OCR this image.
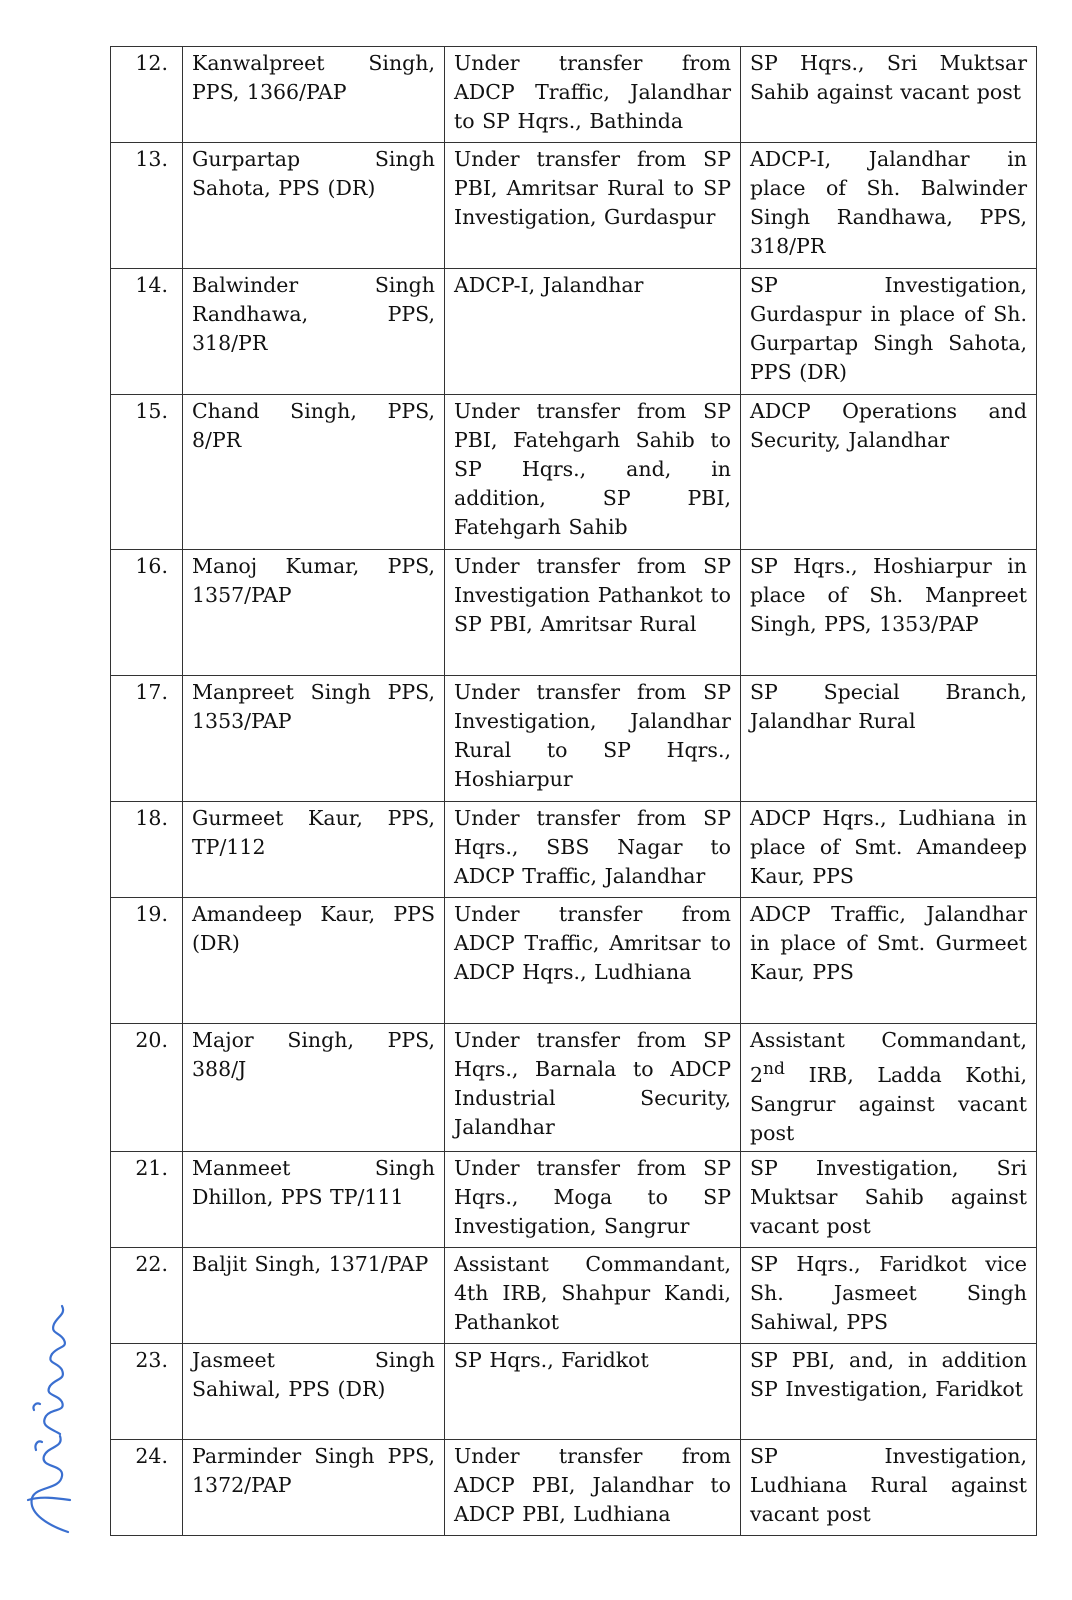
12.	Kanwalpreet Singh, PPS, 1366/PAP	Under transfer from ADCP Traffic, Jalandhar to SP Hqrs., Bathinda	SP Hqrs., Sri Muktsar Sahib against vacant post
13.	Gurpartap Singh Sahota, PPS (DR)	Under transfer from SP PBI, Amritsar Rural to SP Investigation, Gurdaspur	ADCP-I, Jalandhar in place of Sh. Balwinder Singh Randhawa, PPS, 318/PR
14.	Balwinder Singh Randhawa, PPS, 318/PR	ADCP-I, Jalandhar	SP Investigation, Gurdaspur in place of Sh. Gurpartap Singh Sahota, PPS (DR)
15.	Chand Singh, PPS, 8/PR	Under transfer from SP PBI, Fatehgarh Sahib to SP Hqrs., and, in addition, SP PBI, Fatehgarh Sahib	ADCP Operations and Security, Jalandhar
16.	Manoj Kumar, PPS, 1357/PAP	Under transfer from SP Investigation Pathankot to SP PBI, Amritsar Rural	SP Hqrs., Hoshiarpur in place of Sh. Manpreet Singh, PPS, 1353/PAP
17.	Manpreet Singh PPS, 1353/PAP	Under transfer from SP Investigation, Jalandhar Rural to SP Hqrs., Hoshiarpur	SP Special Branch, Jalandhar Rural
18.	Gurmeet Kaur, PPS, TP/112	Under transfer from SP Hqrs., SBS Nagar to ADCP Traffic, Jalandhar	ADCP Hqrs., Ludhiana in place of Smt. Amandeep Kaur, PPS
19.	Amandeep Kaur, PPS (DR)	Under transfer from ADCP Traffic, Amritsar to ADCP Hqrs., Ludhiana	ADCP Traffic, Jalandhar in place of Smt. Gurmeet Kaur, PPS
20.	Major Singh, PPS, 388/J	Under transfer from SP Hqrs., Barnala to ADCP Industrial Security, Jalandhar	Assistant Commandant, 2nd IRB, Ladda Kothi, Sangrur against vacant post
21.	Manmeet Singh Dhillon, PPS TP/111	Under transfer from SP Hqrs., Moga to SP Investigation, Sangrur	SP Investigation, Sri Muktsar Sahib against vacant post
22.	Baljit Singh, 1371/PAP	Assistant Commandant, 4th IRB, Shahpur Kandi, Pathankot	SP Hqrs., Faridkot vice Sh. Jasmeet Singh Sahiwal, PPS
23.	Jasmeet Singh Sahiwal, PPS (DR)	SP Hqrs., Faridkot	SP PBI, and, in addition SP Investigation, Faridkot
24.	Parminder Singh PPS, 1372/PAP	Under transfer from ADCP PBI, Jalandhar to ADCP PBI, Ludhiana	SP Investigation, Ludhiana Rural against vacant post
